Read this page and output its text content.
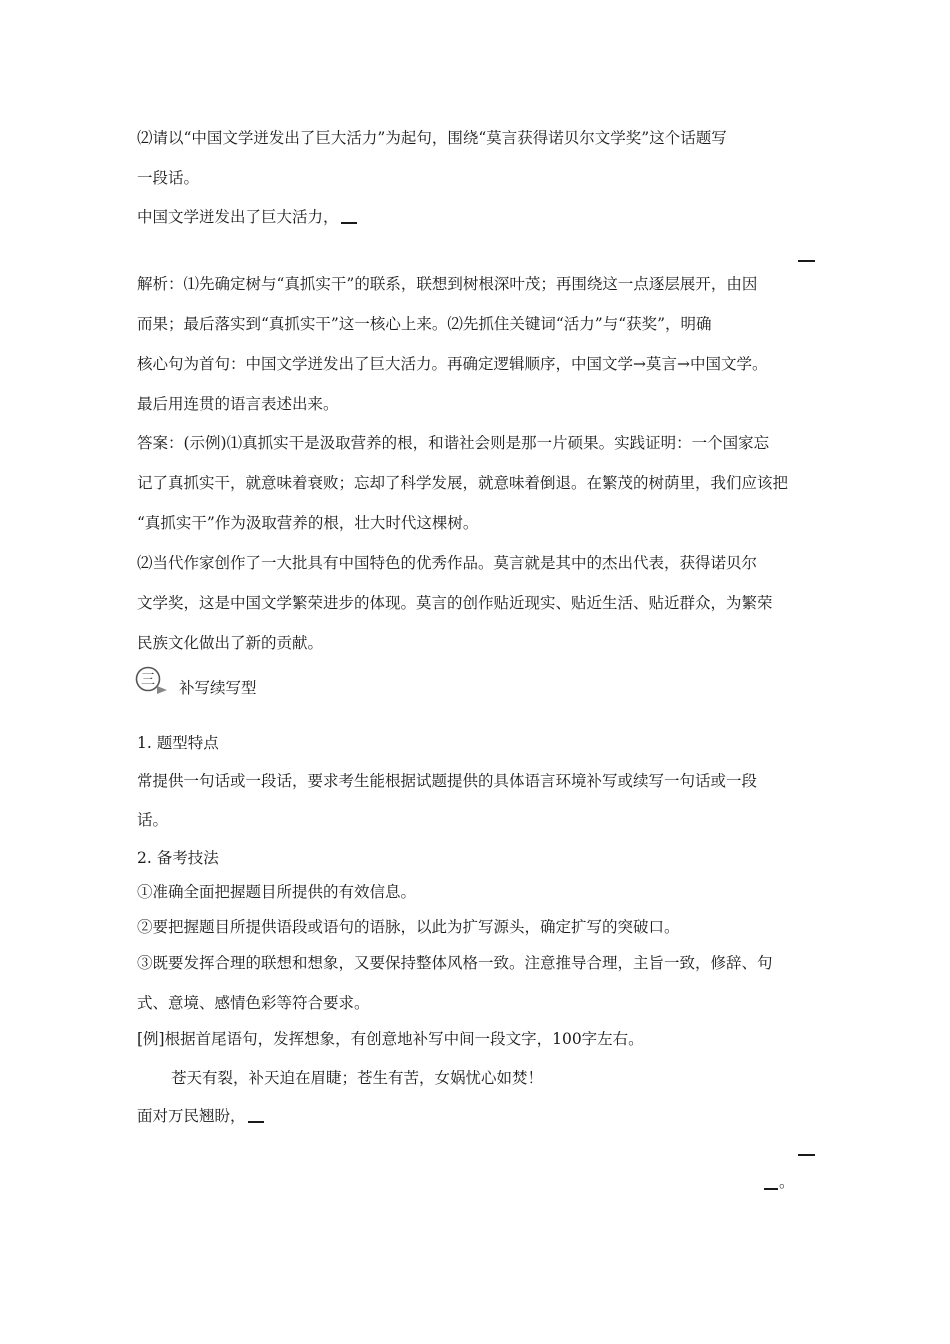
⑵请以“中国文学迸发出了巨大活力”为起句，围绕“莫言获得诺贝尔文学奖”这个话题写
一段话。
中国文学迸发出了巨大活力，
解析：⑴先确定树与“真抓实干”的联系，联想到树根深叶茂；再围绕这一点逐层展开，由因
而果；最后落实到“真抓实干”这一核心上来。⑵先抓住关键词“活力”与“获奖”，明确
核心句为首句：中国文学迸发出了巨大活力。再确定逻辑顺序，中国文学→莫言→中国文学。
最后用连贯的语言表述出来。
答案：(示例)⑴真抓实干是汲取营养的根，和谐社会则是那一片硕果。实践证明：一个国家忘
记了真抓实干，就意味着衰败；忘却了科学发展，就意味着倒退。在繁茂的树荫里，我们应该把
“真抓实干”作为汲取营养的根，壮大时代这棵树。
⑵当代作家创作了一大批具有中国特色的优秀作品。莫言就是其中的杰出代表，获得诺贝尔
文学奖，这是中国文学繁荣进步的体现。莫言的创作贴近现实、贴近生活、贴近群众，为繁荣
民族文化做出了新的贡献。
三 补写续写型
1. 题型特点
常提供一句话或一段话，要求考生能根据试题提供的具体语言环境补写或续写一句话或一段
话。
2. 备考技法
①准确全面把握题目所提供的有效信息。
②要把握题目所提供语段或语句的语脉，以此为扩写源头，确定扩写的突破口。
③既要发挥合理的联想和想象，又要保持整体风格一致。注意推导合理，主旨一致，修辞、句
式、意境、感情色彩等符合要求。
[例]根据首尾语句，发挥想象，有创意地补写中间一段文字，100字左右。
苍天有裂，补天迫在眉睫；苍生有苦，女娲忧心如焚！
面对万民翘盼，
。
